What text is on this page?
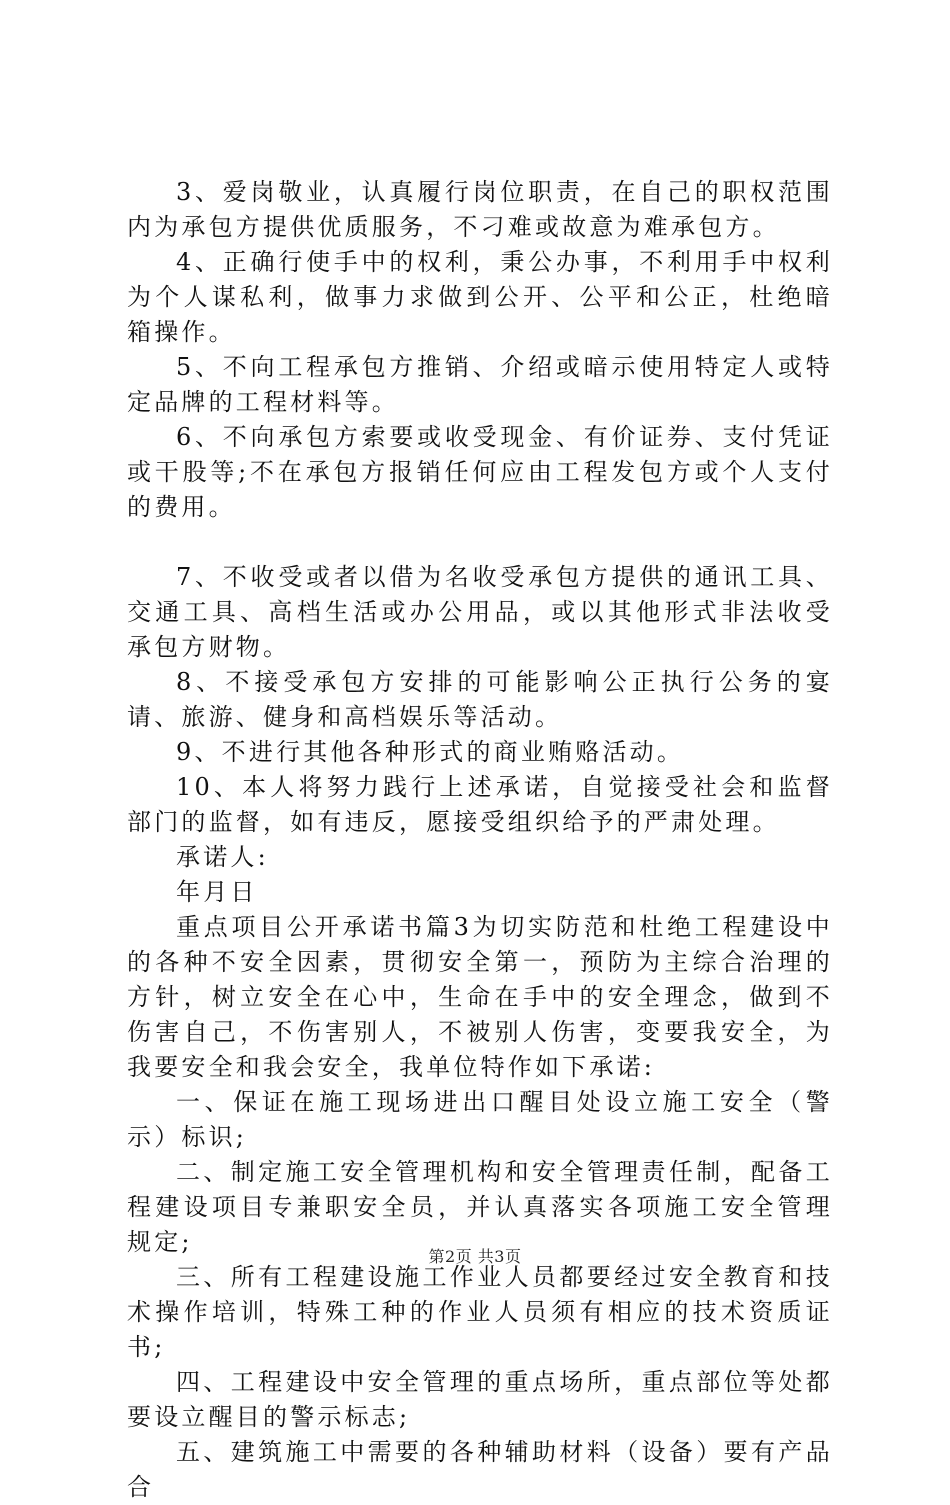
3、爱岗敬业，认真履行岗位职责，在自己的职权范围内为承包方提供优质服务，不刁难或故意为难承包方。

4、正确行使手中的权利，秉公办事，不利用手中权利为个人谋私利，做事力求做到公开、公平和公正，杜绝暗箱操作。

5、不向工程承包方推销、介绍或暗示使用特定人或特定品牌的工程材料等。

6、不向承包方索要或收受现金、有价证券、支付凭证或干股等;不在承包方报销任何应由工程发包方或个人支付的费用。

7、不收受或者以借为名收受承包方提供的通讯工具、交通工具、高档生活或办公用品，或以其他形式非法收受承包方财物。

8、不接受承包方安排的可能影响公正执行公务的宴请、旅游、健身和高档娱乐等活动。

9、不进行其他各种形式的商业贿赂活动。

10、本人将努力践行上述承诺，自觉接受社会和监督部门的监督，如有违反，愿接受组织给予的严肃处理。

承诺人:

年月日

重点项目公开承诺书篇3为切实防范和杜绝工程建设中的各种不安全因素，贯彻安全第一，预防为主综合治理的方针，树立安全在心中，生命在手中的安全理念，做到不伤害自己，不伤害别人，不被别人伤害，变要我安全，为我要安全和我会安全，我单位特作如下承诺:

一、保证在施工现场进出口醒目处设立施工安全（警示）标识;

二、制定施工安全管理机构和安全管理责任制，配备工程建设项目专兼职安全员，并认真落实各项施工安全管理规定;

三、所有工程建设施工作业人员都要经过安全教育和技术操作培训，特殊工种的作业人员须有相应的技术资质证书;

四、工程建设中安全管理的重点场所，重点部位等处都要设立醒目的警示标志;

五、建筑施工中需要的各种辅助材料（设备）要有产品合

第2页 共3页
